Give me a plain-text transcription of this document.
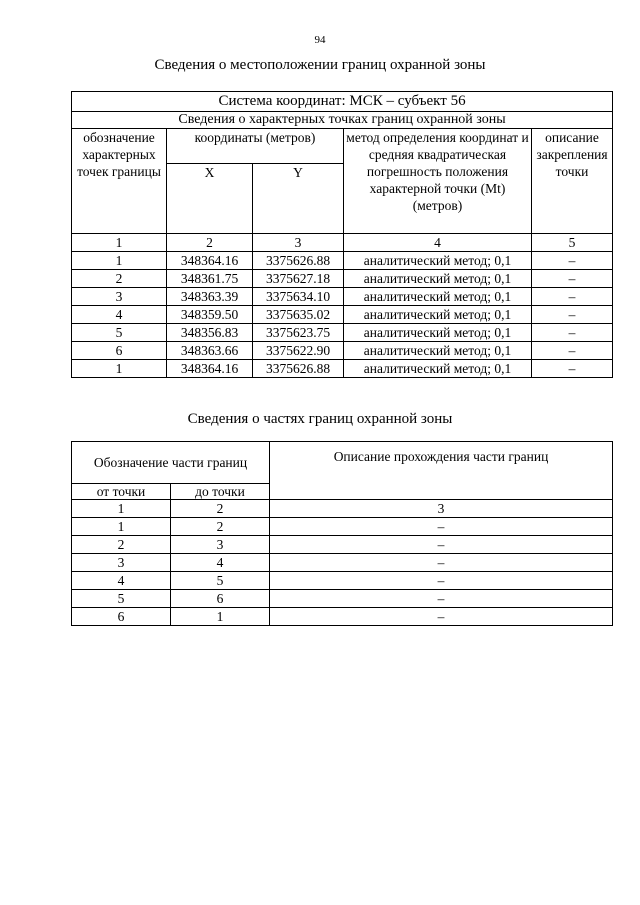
94
Сведения о местоположении границ охранной зоны
Система координат: МСК – субъект 56				
Сведения о характерных точках границ охранной зоны				
обозначение характерных точек границы	координаты (метров)		метод определения координат и средняя квадратическая погрешность положения характерной точки (Mt) (метров)	описание закрепления точки
	X	Y		
1	2	3	4	5
1	348364.16	3375626.88	аналитический метод; 0,1	–
2	348361.75	3375627.18	аналитический метод; 0,1	–
3	348363.39	3375634.10	аналитический метод; 0,1	–
4	348359.50	3375635.02	аналитический метод; 0,1	–
5	348356.83	3375623.75	аналитический метод; 0,1	–
6	348363.66	3375622.90	аналитический метод; 0,1	–
1	348364.16	3375626.88	аналитический метод; 0,1	–
Сведения о частях границ охранной зоны
Обозначение части границ		Описание прохождения части границ
от точки	до точки	
1	2	3
1	2	–
2	3	–
3	4	–
4	5	–
5	6	–
6	1	–
